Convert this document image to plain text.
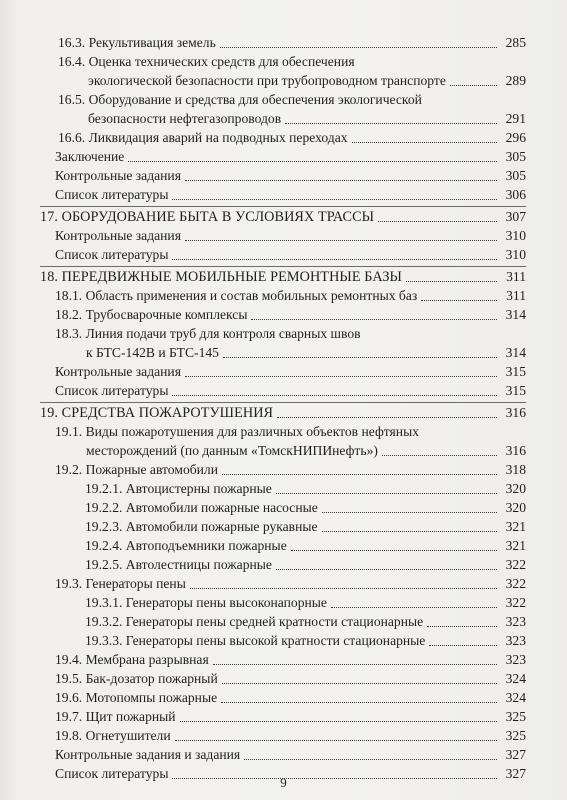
16.3. Рекультивация земель	285
16.4. Оценка технических средств для обеспечения
экологической безопасности при трубопроводном транспорте	289
16.5. Оборудование и средства для обеспечения экологической
безопасности нефтегазопроводов	291
16.6. Ликвидация аварий на подводных переходах	296
Заключение	305
Контрольные задания	305
Список литературы	306
17. ОБОРУДОВАНИЕ БЫТА В УСЛОВИЯХ ТРАССЫ	307
Контрольные задания	310
Список литературы	310
18. ПЕРЕДВИЖНЫЕ МОБИЛЬНЫЕ РЕМОНТНЫЕ БАЗЫ	311
18.1. Область применения и состав мобильных ремонтных баз	311
18.2. Трубосварочные комплексы	314
18.3. Линия подачи труб для контроля сварных швов
к БТС-142В и БТС-145	314
Контрольные задания	315
Список литературы	315
19. СРЕДСТВА ПОЖАРОТУШЕНИЯ	316
19.1. Виды пожаротушения для различных объектов нефтяных
месторождений (по данным «ТомскНИПИнефть»)	316
19.2. Пожарные автомобили	318
19.2.1. Автоцистерны пожарные	320
19.2.2. Автомобили пожарные насосные	320
19.2.3. Автомобили пожарные рукавные	321
19.2.4. Автоподъемники пожарные	321
19.2.5. Автолестницы пожарные	322
19.3. Генераторы пены	322
19.3.1. Генераторы пены высоконапорные	322
19.3.2. Генераторы пены средней кратности стационарные	323
19.3.3. Генераторы пены высокой кратности стационарные	323
19.4. Мембрана разрывная	323
19.5. Бак-дозатор пожарный	324
19.6. Мотопомпы пожарные	324
19.7. Щит пожарный	325
19.8. Огнетушители	325
Контрольные задания и задания	327
Список литературы	327
9
